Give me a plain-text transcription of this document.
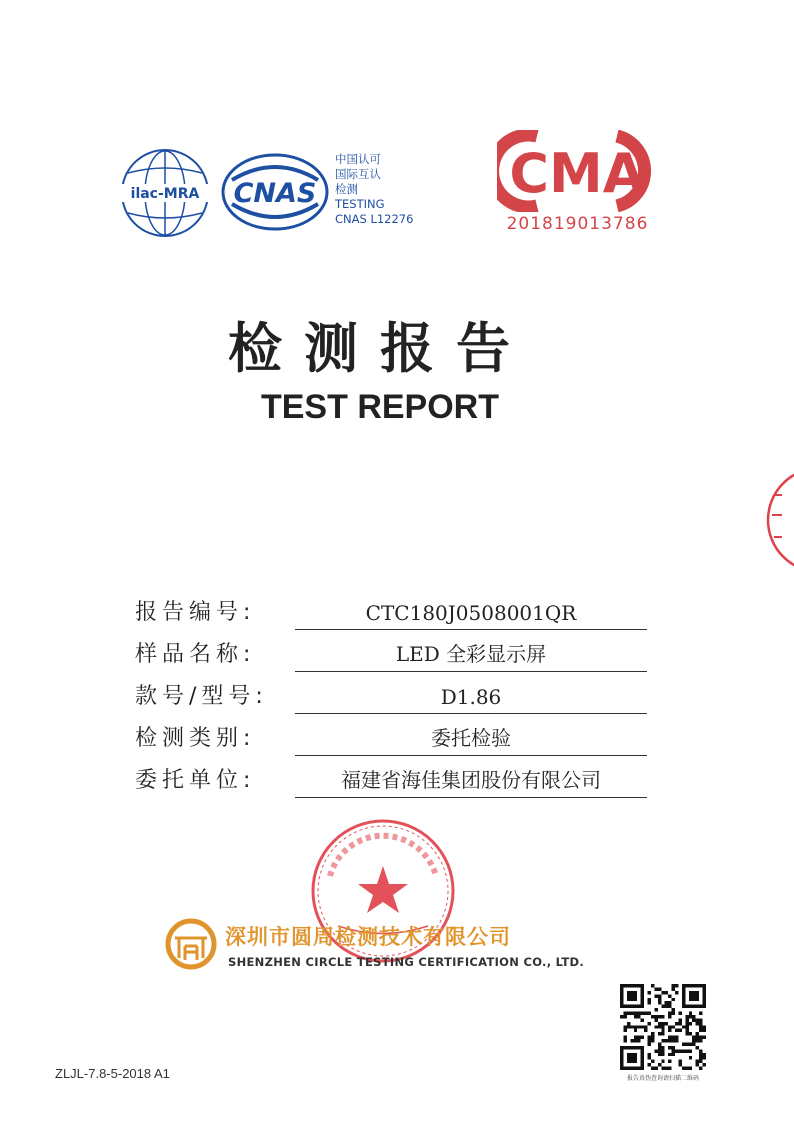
ilac-MRA CNAS
中国认可
国际互认
检测
TESTING
CNAS L12276
CMA
201819013786
检测报告
TEST REPORT
报告编号:	CTC180J0508001QR
样品名称:	LED 全彩显示屏
款号/型号:	D1.86
检测类别:	委托检验
委托单位:	福建省海佳集团股份有限公司
深圳市圆周检测技术有限公司
SHENZHEN CIRCLE TESTING CERTIFICATION CO., LTD.
报告真伪查询请扫描二维码
ZLJL-7.8-5-2018 A1
